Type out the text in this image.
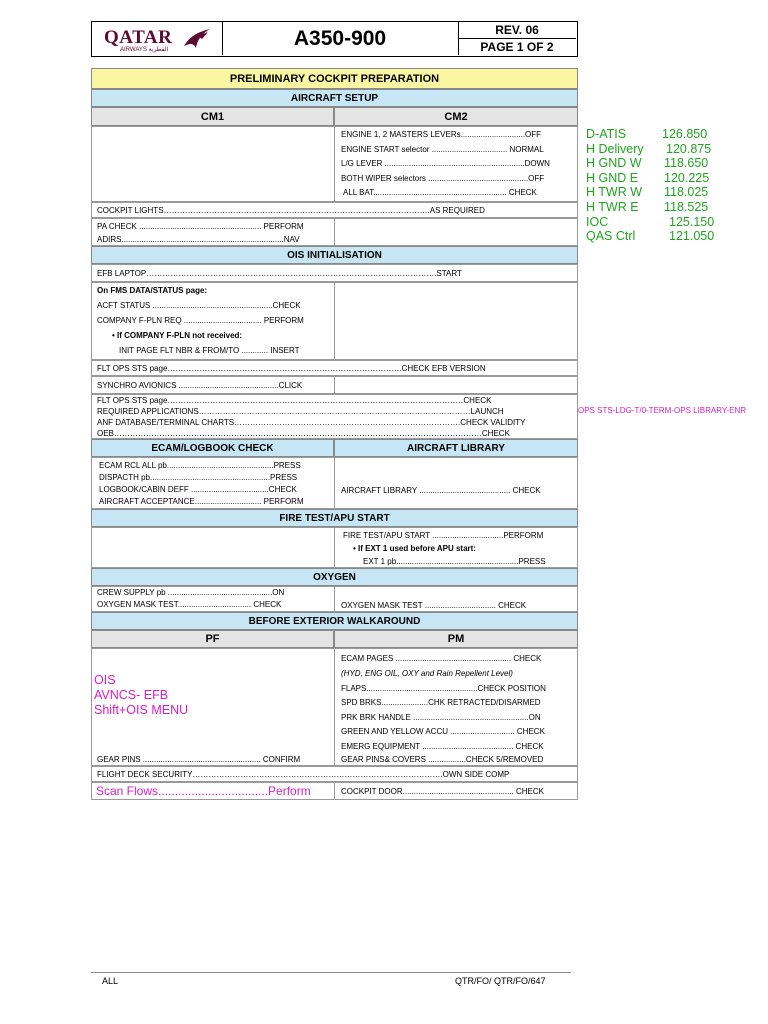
QATAR
AIRWAYS القطرية
A350-900	REV. 06
PAGE 1 OF 2
PRELIMINARY COCKPIT PREPARATION
AIRCRAFT SETUP
CM1	CM2
ENGINE 1, 2 MASTERS LEVERs.............................OFF
ENGINE START selector .................................. NORMAL
L/G LEVER ...............................................................DOWN
BOTH WIPER selectors .............................................OFF
ALL BAT............................................................ CHECK
COCKPIT LIGHTS……………………………………………………………………………………….AS REQUIRED
PA CHECK ....................................................... PERFORM
ADIRS.........................................................................NAV
OIS INITIALISATION
EFB LAPTOP……………………………………………………………………………………………….START
On FMS DATA/STATUS page:
ACFT STATUS ......................................................CHECK
COMPANY F-PLN REQ ................................... PERFORM
• If COMPANY F-PLN not received:
INIT PAGE FLT NBR & FROM/TO ............ INSERT
FLT OPS STS page…………………………………………………………………………….CHECK EFB VERSION
SYNCHRO AVIONICS .............................................CLICK
FLT OPS STS page…………………………………………………………………………………………………CHECK
REQUIRED APPLICATIONS…………………………………………………………………………………………LAUNCH
ANF DATABASE/TERMINAL CHARTS………………………………………………………………………….CHECK VALIDITY
OEB…………………………………………………………………………………………………………………………CHECK
ECAM/LOGBOOK CHECK	AIRCRAFT LIBRARY
ECAM RCL ALL pb................................................PRESS
DISPACTH pb......................................................PRESS
LOGBOOK/CABIN DEFF ...................................CHECK
AIRCRAFT ACCEPTANCE.............................. PERFORM
AIRCRAFT LIBRARY ......................................... CHECK
FIRE TEST/APU START
FIRE TEST/APU START ................................PERFORM
• If EXT 1 used before APU start:
EXT 1 pb.......................................................PRESS
OXYGEN
CREW SUPPLY pb ...............................................ON
OXYGEN MASK TEST................................. CHECK	OXYGEN MASK TEST ................................ CHECK
BEFORE EXTERIOR WALKAROUND
PF	PM
OIS
AVNCS- EFB
Shift+OIS MENU
GEAR PINS ..................................................... CONFIRM
ECAM PAGES .................................................... CHECK
(HYD, ENG OIL, OXY and Rain Repellent Level)
FLAPS..................................................CHECK POSITION
SPD BRKS.....................CHK RETRACTED/DISARMED
PRK BRK HANDLE ....................................................ON
GREEN AND YELLOW ACCU ............................. CHECK
EMERG EQUIPMENT ......................................... CHECK
GEAR PINS& COVERS .................CHECK 5/REMOVED
FLIGHT DECK SECURITY………………………………………………………………………………….OWN SIDE COMP
Scan Flows.................................Perform	COCKPIT DOOR.................................................. CHECK
D-ATIS	126.850
H Delivery 120.875
H GND W 118.650
H GND E 120.225
H TWR W 118.025
H TWR E 118.525
IOC	125.150
QAS Ctrl	121.050
OPS STS-LDG-T/0-TERM-OPS LIBRARY-ENR
ALL	QTR/FO/ QTR/FO/647
